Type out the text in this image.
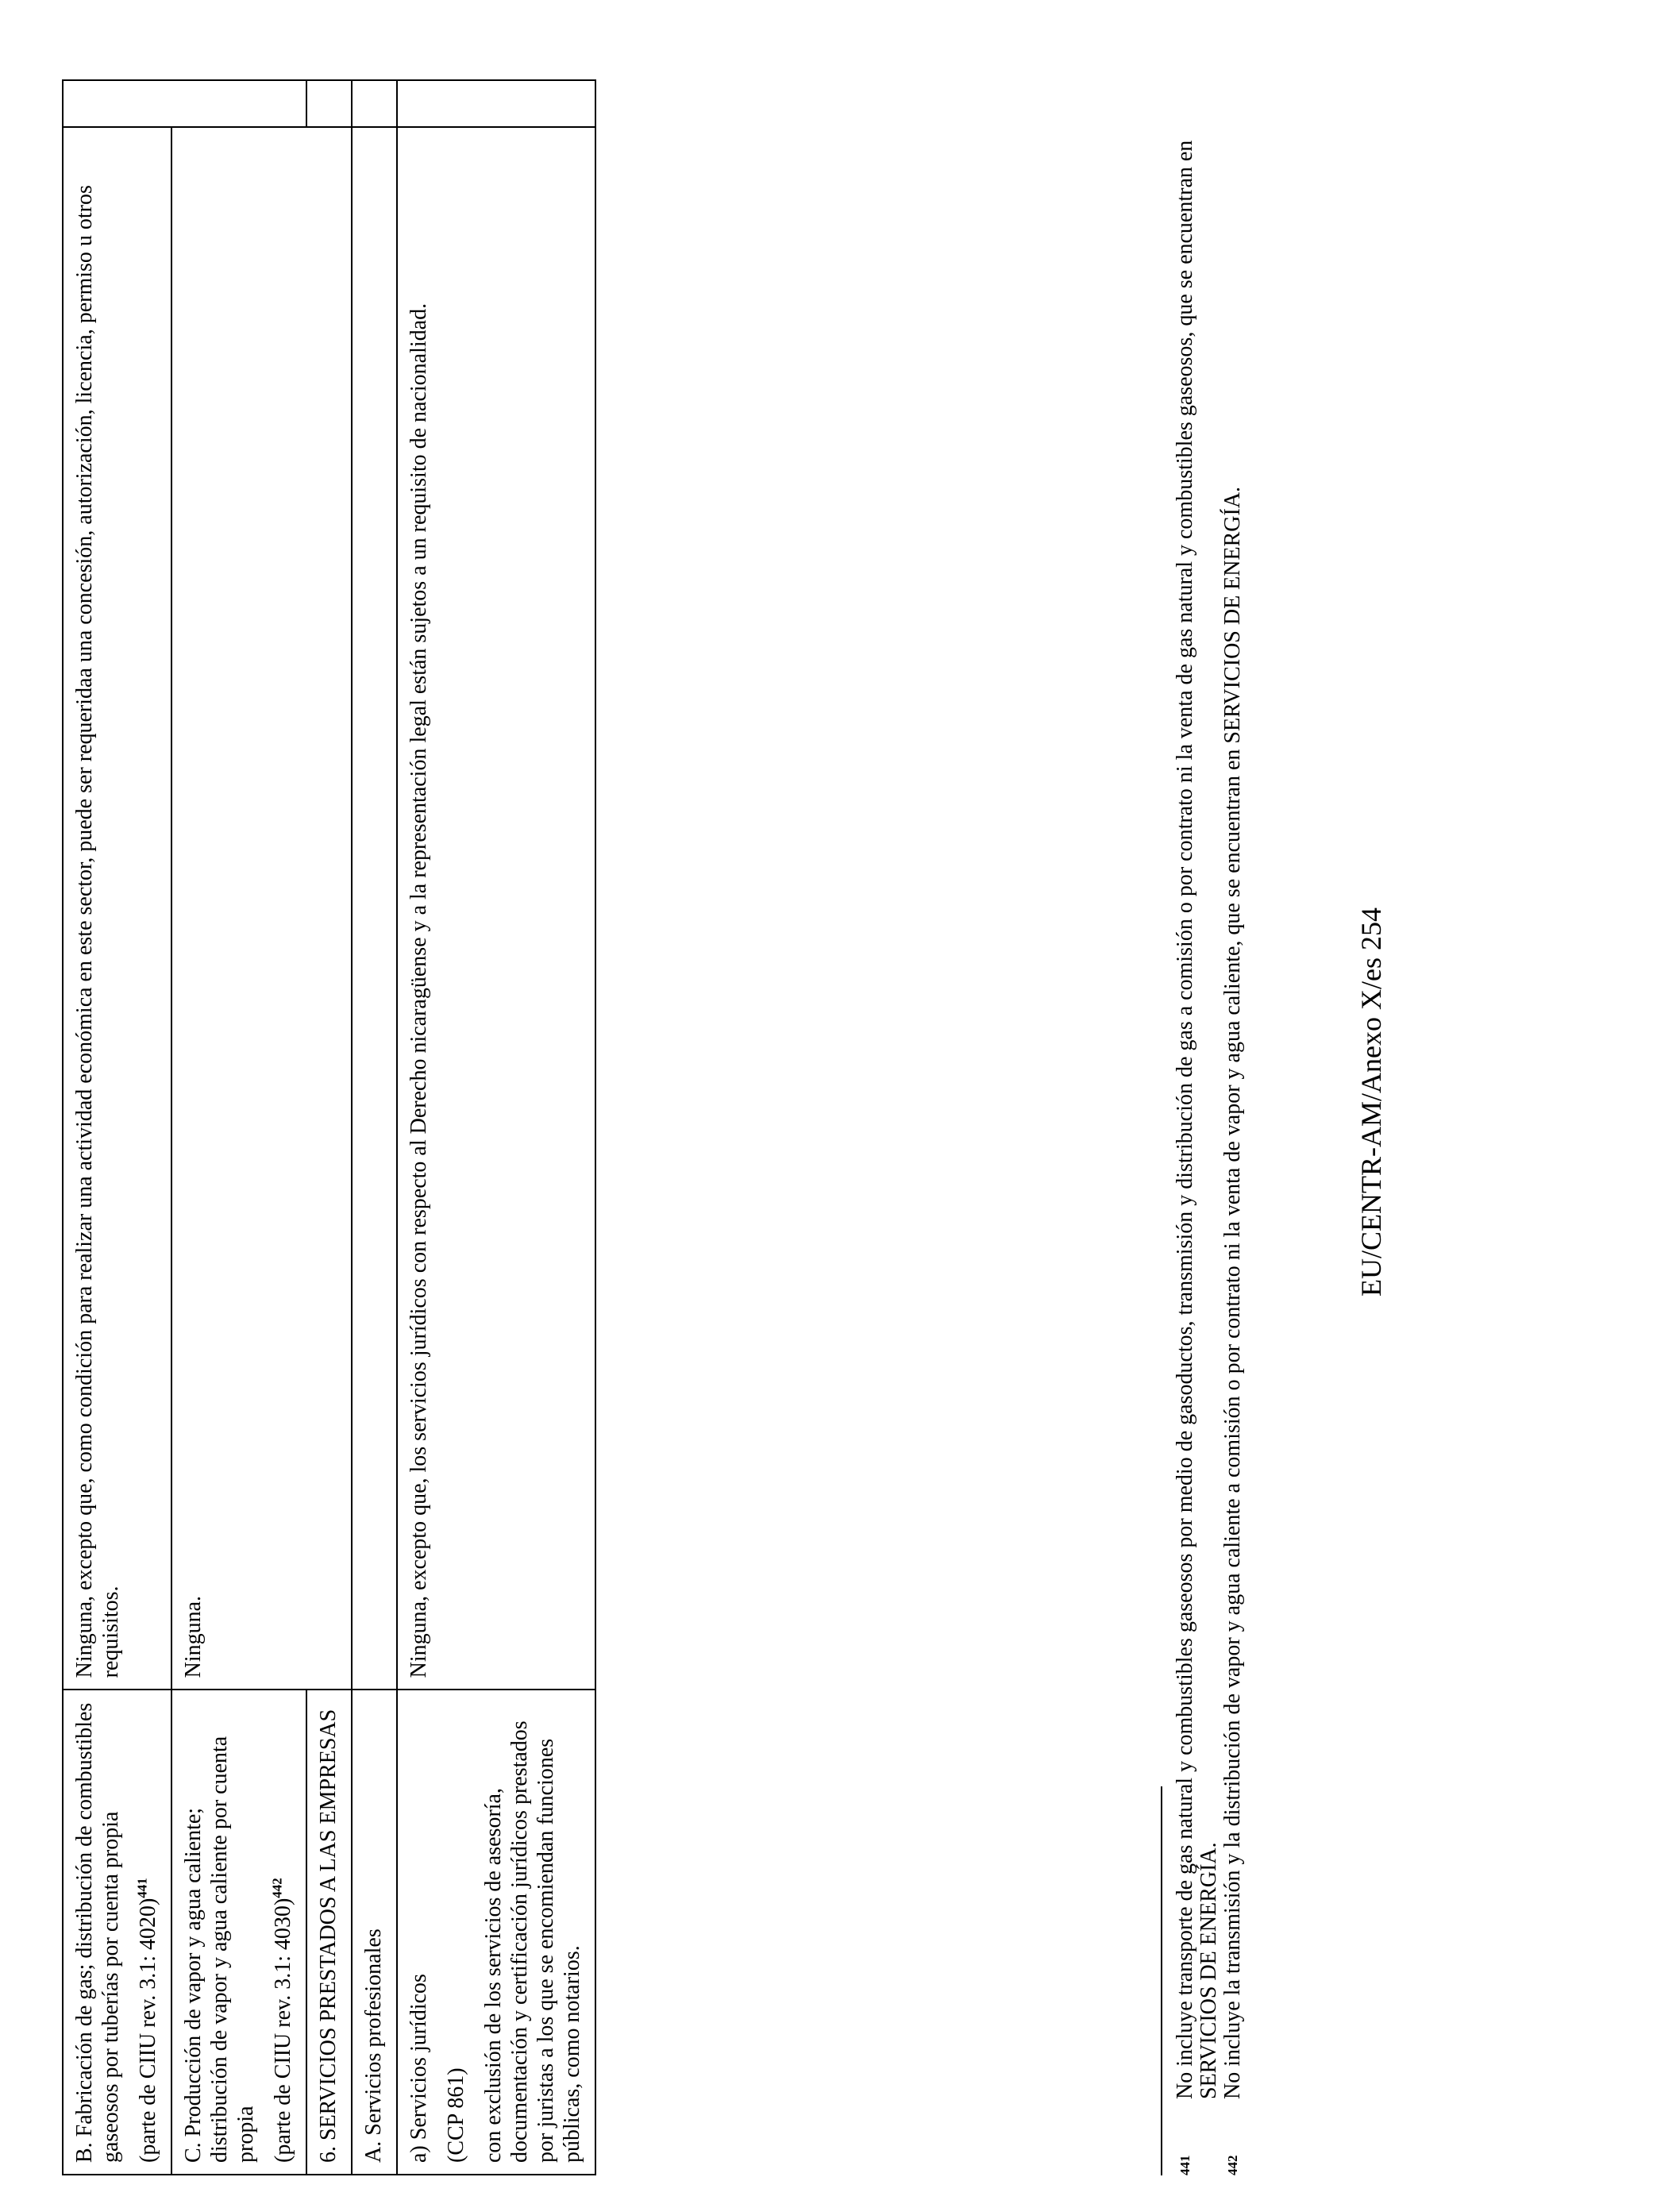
B. Fabricación de gas; distribución de combustibles gaseosos por tuberías por cuenta propia (parte de CIIU rev. 3.1: 4020)$^{441}$	Ninguna, excepto que, como condición para realizar una actividad económica en este sector, puede ser requeridaa una concesión, autorización, licencia, permiso u otros requisitos.	

C. Producción de vapor y agua caliente; distribución de vapor y agua caliente por cuenta propia (parte de CIIU rev. 3.1: 4030)$^{442}$	Ninguna.	

6. SERVICIOS PRESTADOS A LAS EMPRESAS		
A. Servicios profesionales		

a) Servicios jurídicos (CCP 861) con exclusión de los servicios de asesoría, documentación y certificación jurídicos prestados por juristas a los que se encomiendan funciones públicas, como notarios.	Ninguna, excepto que, los servicios jurídicos con respecto al Derecho nicaragüense y a la representación legal están sujetos a un requisito de nacionalidad.	

441
No incluye transporte de gas natural y combustibles gaseosos por medio de gasoductos, transmisión y distribución de gas a comisión o por contrato ni la venta de gas natural y combustibles gaseosos, que se encuentran en SERVICIOS DE ENERGÍA.
442
No incluye la transmisión y la distribución de vapor y agua caliente a comisión o por contrato ni la venta de vapor y agua caliente, que se encuentran en SERVICIOS DE ENERGÍA.	EU/CENTR-AM/Anexo X/es 254
